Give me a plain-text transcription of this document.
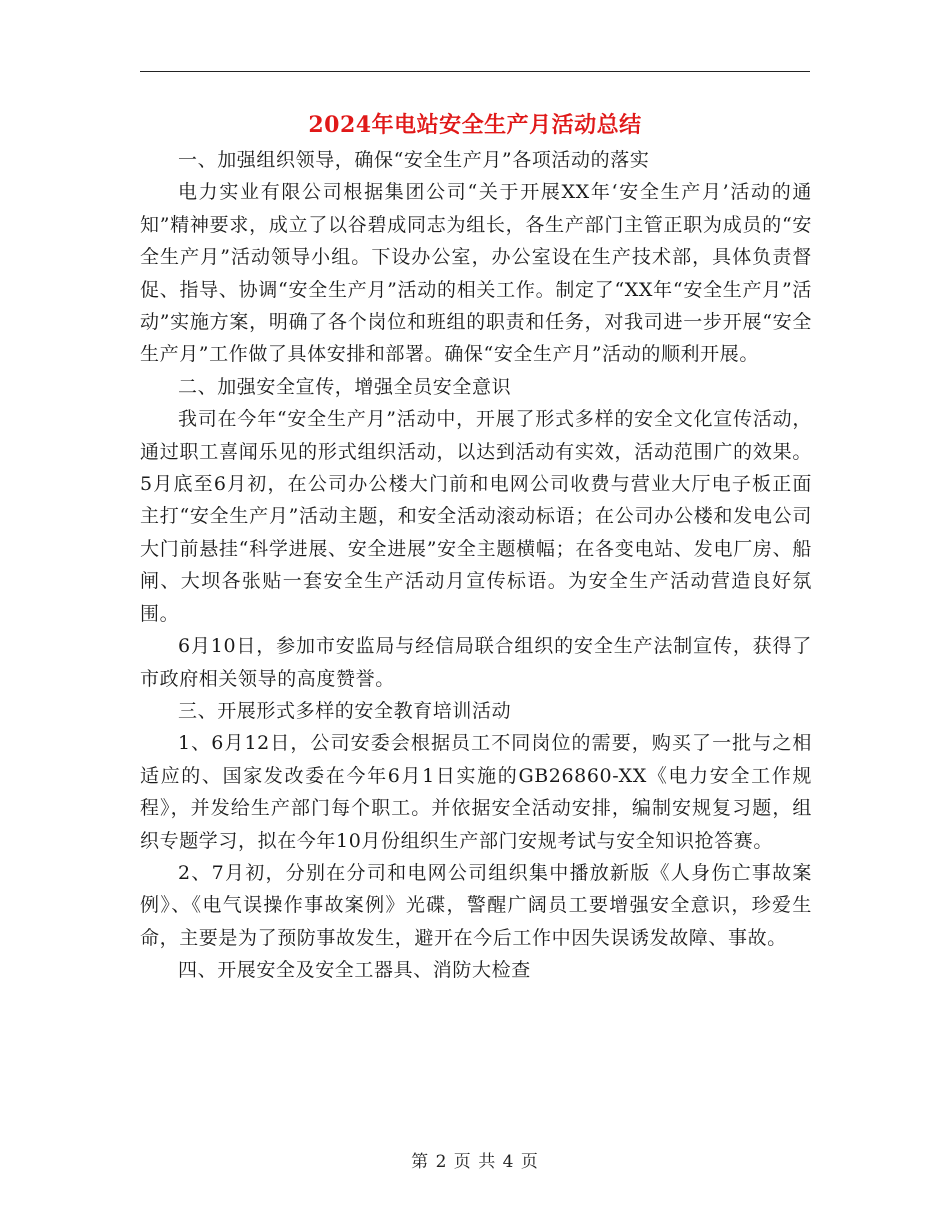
2024年电站安全生产月活动总结

一、加强组织领导，确保“安全生产月”各项活动的落实

电力实业有限公司根据集团公司“关于开展XX年‘安全生产月’活动的通知”精神要求，成立了以谷碧成同志为组长，各生产部门主管正职为成员的“安全生产月”活动领导小组。下设办公室，办公室设在生产技术部，具体负责督促、指导、协调“安全生产月”活动的相关工作。制定了“XX年“安全生产月”活动”实施方案，明确了各个岗位和班组的职责和任务，对我司进一步开展“安全生产月”工作做了具体安排和部署。确保“安全生产月”活动的顺利开展。

二、加强安全宣传，增强全员安全意识

我司在今年“安全生产月”活动中，开展了形式多样的安全文化宣传活动，通过职工喜闻乐见的形式组织活动，以达到活动有实效，活动范围广的效果。5月底至6月初，在公司办公楼大门前和电网公司收费与营业大厅电子板正面主打“安全生产月”活动主题，和安全活动滚动标语；在公司办公楼和发电公司大门前悬挂“科学进展、安全进展”安全主题横幅；在各变电站、发电厂房、船闸、大坝各张贴一套安全生产活动月宣传标语。为安全生产活动营造良好氛围。

6月10日，参加市安监局与经信局联合组织的安全生产法制宣传，获得了市政府相关领导的高度赞誉。

三、开展形式多样的安全教育培训活动

1、6月12日，公司安委会根据员工不同岗位的需要，购买了一批与之相适应的、国家发改委在今年6月1日实施的GB26860-XX《电力安全工作规程》，并发给生产部门每个职工。并依据安全活动安排，编制安规复习题，组织专题学习，拟在今年10月份组织生产部门安规考试与安全知识抢答赛。

2、7月初，分别在分司和电网公司组织集中播放新版《人身伤亡事故案例》、《电气误操作事故案例》光碟，警醒广阔员工要增强安全意识，珍爱生命，主要是为了预防事故发生，避开在今后工作中因失误诱发故障、事故。

四、开展安全及安全工器具、消防大检查

第 2 页 共 4 页
